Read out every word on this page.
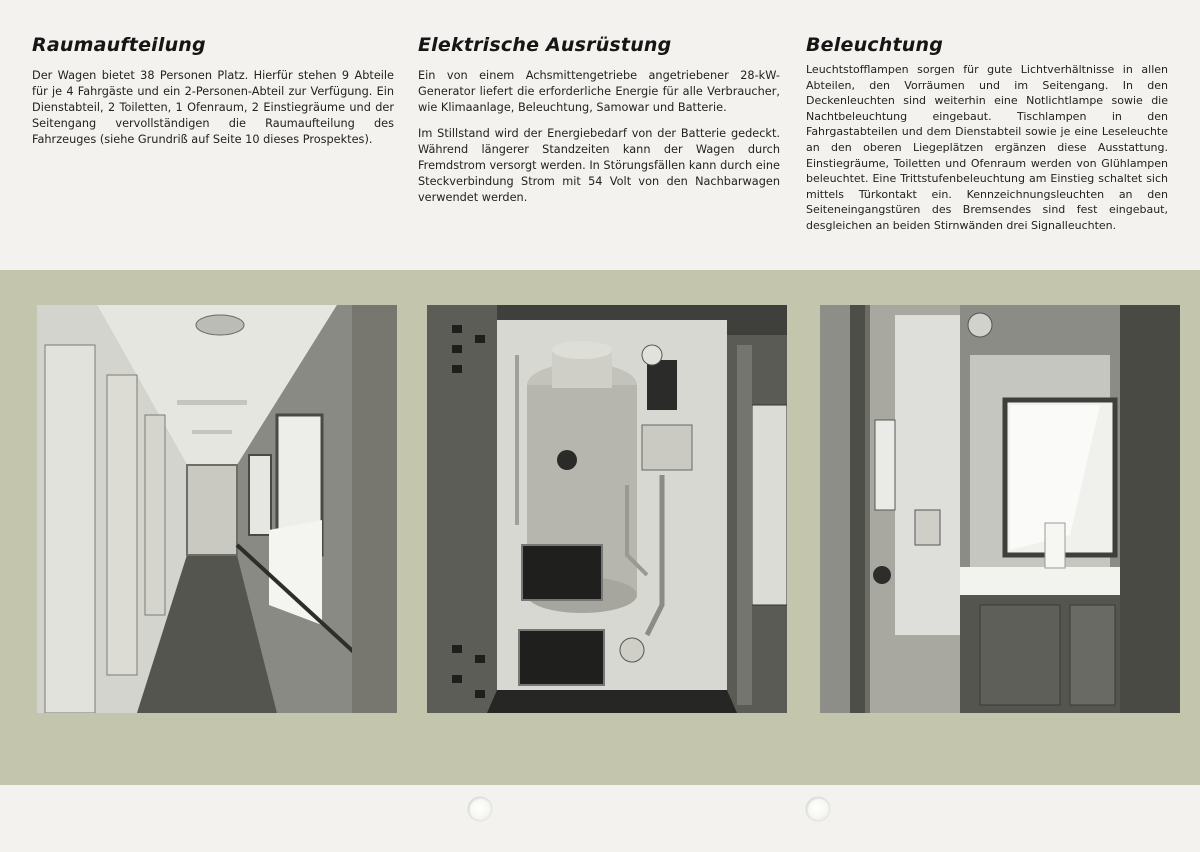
Raumaufteilung

Der Wagen bietet 38 Personen Platz. Hierfür stehen 9 Abteile für je 4 Fahrgäste und ein 2-Personen-Abteil zur Verfügung. Ein Dienstabteil, 2 Toiletten, 1 Ofenraum, 2 Einstiegräume und der Seitengang vervollständigen die Raumaufteilung des Fahrzeuges (siehe Grundriß auf Seite 10 dieses Prospektes).

Elektrische Ausrüstung

Ein von einem Achsmittengetriebe angetriebener 28-kW-Generator liefert die erforderliche Energie für alle Verbraucher, wie Klimaanlage, Beleuchtung, Samowar und Batterie.

Im Stillstand wird der Energiebedarf von der Batterie gedeckt. Während längerer Standzeiten kann der Wagen durch Fremdstrom versorgt werden. In Störungsfällen kann durch eine Steckverbindung Strom mit 54 Volt von den Nachbarwagen verwendet werden.

Beleuchtung

Leuchtstofflampen sorgen für gute Lichtverhältnisse in allen Abteilen, den Vorräumen und im Seitengang. In den Deckenleuchten sind weiterhin eine Notlichtlampe sowie die Nachtbeleuchtung eingebaut. Tischlampen in den Fahrgastabteilen und dem Dienstabteil sowie je eine Leseleuchte an den oberen Liegeplätzen ergänzen diese Ausstattung. Einstiegräume, Toiletten und Ofenraum werden von Glühlampen beleuchtet. Eine Trittstufenbeleuchtung am Einstieg schaltet sich mittels Türkontakt ein. Kennzeichnungsleuchten an den Seiteneingangstüren des Bremsendes sind fest eingebaut, desgleichen an beiden Stirnwänden drei Signalleuchten.
